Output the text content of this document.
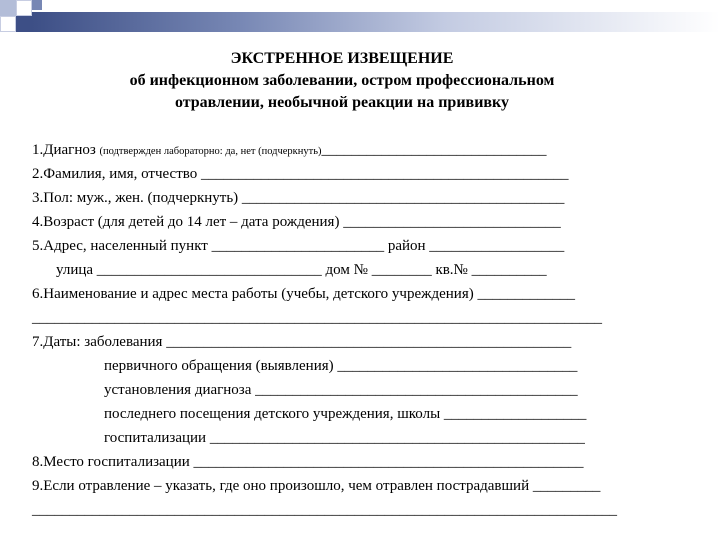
ЭКСТРЕННОЕ ИЗВЕЩЕНИЕ
об инфекционном заболевании, остром профессиональном
отравлении, необычной реакции на прививку
1.Диагноз (подтвержден лабораторно: да, нет (подчеркнуть)______________________________
2.Фамилия, имя, отчество _________________________________________________
3.Пол: муж., жен. (подчеркнуть) ___________________________________________
4.Возраст (для детей до 14 лет – дата рождения) _____________________________
5.Адрес, населенный пункт _______________________ район __________________
улица ______________________________ дом № ________ кв.№ __________
6.Наименование и адрес места работы (учебы, детского учреждения) _____________
____________________________________________________________________________
7.Даты: заболевания ______________________________________________________
первичного обращения (выявления) ________________________________
установления диагноза ___________________________________________
последнего посещения детского учреждения, школы ___________________
госпитализации __________________________________________________
8.Место госпитализации ____________________________________________________
9.Если отравление – указать, где оно произошло, чем отравлен пострадавший _________
______________________________________________________________________________
